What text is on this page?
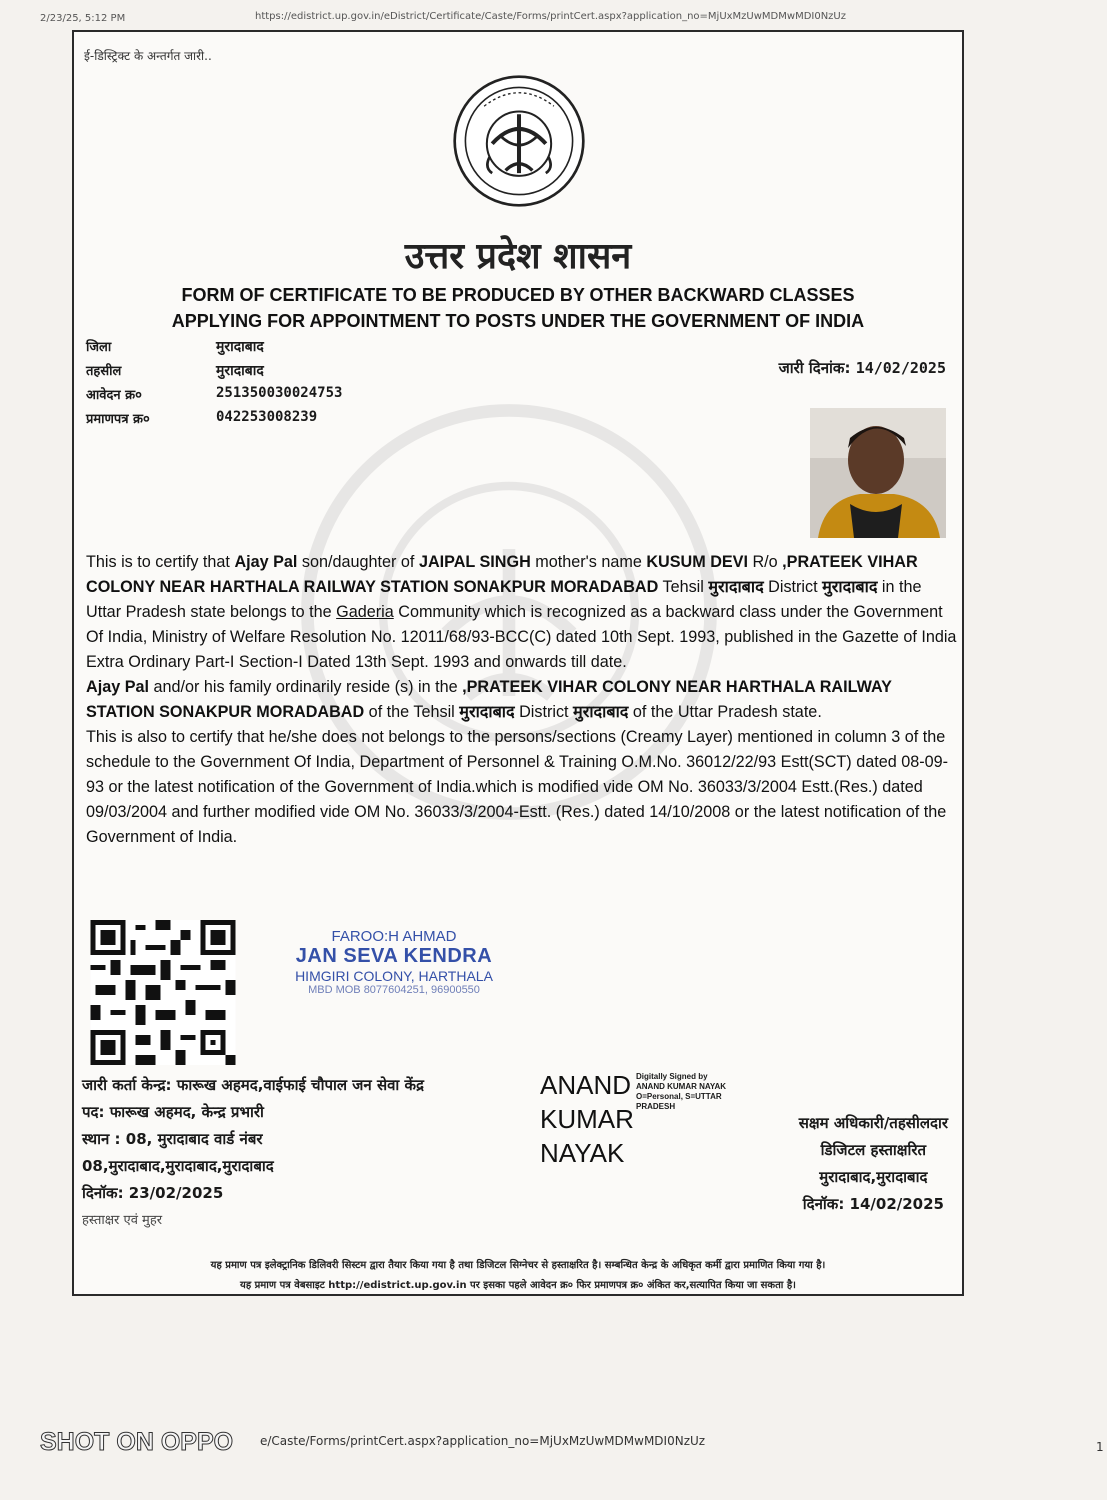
2/23/25, 5:12 PM	https://edistrict.up.gov.in/eDistrict/Certificate/Caste/Forms/printCert.aspx?application_no=MjUxMzUwMDMwMDI0NzUz
ई-डिस्ट्रिक्ट के अन्तर्गत जारी..
उत्तर प्रदेश शासन
FORM OF CERTIFICATE TO BE PRODUCED BY OTHER BACKWARD CLASSES
APPLYING FOR APPOINTMENT TO POSTS UNDER THE GOVERNMENT OF INDIA
जिला	मुरादाबाद
तहसील	मुरादाबाद
आवेदन क्र०	251350030024753
प्रमाणपत्र क्र०	042253008239
जारी दिनांक: 14/02/2025
This is to certify that Ajay Pal son/daughter of JAIPAL SINGH mother's name KUSUM DEVI R/o ,PRATEEK VIHAR COLONY NEAR HARTHALA RAILWAY STATION SONAKPUR MORADABAD Tehsil मुरादाबाद District मुरादाबाद in the Uttar Pradesh state belongs to the Gaderia Community which is recognized as a backward class under the Government Of India, Ministry of Welfare Resolution No. 12011/68/93-BCC(C) dated 10th Sept. 1993, published in the Gazette of India Extra Ordinary Part-I Section-I Dated 13th Sept. 1993 and onwards till date.
Ajay Pal and/or his family ordinarily reside (s) in the ,PRATEEK VIHAR COLONY NEAR HARTHALA RAILWAY STATION SONAKPUR MORADABAD of the Tehsil मुरादाबाद District मुरादाबाद of the Uttar Pradesh state.
This is also to certify that he/she does not belongs to the persons/sections (Creamy Layer) mentioned in column 3 of the schedule to the Government Of India, Department of Personnel & Training O.M.No. 36012/22/93 Estt(SCT) dated 08-09-93 or the latest notification of the Government of India.which is modified vide OM No. 36033/3/2004 Estt.(Res.) dated 09/03/2004 and further modified vide OM No. 36033/3/2004-Estt. (Res.) dated 14/10/2008 or the latest notification of the Government of India.
FAROO:H AHMAD
JAN SEVA KENDRA
HIMGIRI COLONY, HARTHALA
MBD MOB 8077604251, 96900550
जारी कर्ता केन्द्र: फारूख अहमद,वाईफाई चौपाल जन सेवा केंद्र
पद: फारूख अहमद, केन्द्र प्रभारी
स्थान : 08, मुरादाबाद वार्ड नंबर
08,मुरादाबाद,मुरादाबाद,मुरादाबाद
दिनॉक: 23/02/2025
हस्ताक्षर एवं मुहर
ANAND
KUMAR
NAYAK
Digitally Signed by
ANAND KUMAR NAYAK
O=Personal, S=UTTAR
PRADESH
सक्षम अधिकारी/तहसीलदार
डिजिटल हस्ताक्षरित
मुरादाबाद,मुरादाबाद
दिनॉक: 14/02/2025
यह प्रमाण पत्र इलेक्ट्रानिक डिलिवरी सिस्टम द्वारा तैयार किया गया है तथा डिजिटल सिग्नेचर से हस्ताक्षरित है। सम्बन्धित केन्द्र के अधिकृत कर्मी द्वारा प्रमाणित किया गया है।
यह प्रमाण पत्र वेबसाइट http://edistrict.up.gov.in पर इसका पहले आवेदन क्र० फिर प्रमाणपत्र क्र० अंकित कर,सत्यापित किया जा सकता है।
SHOT ON OPPO e/Caste/Forms/printCert.aspx?application_no=MjUxMzUwMDMwMDI0NzUz	1
